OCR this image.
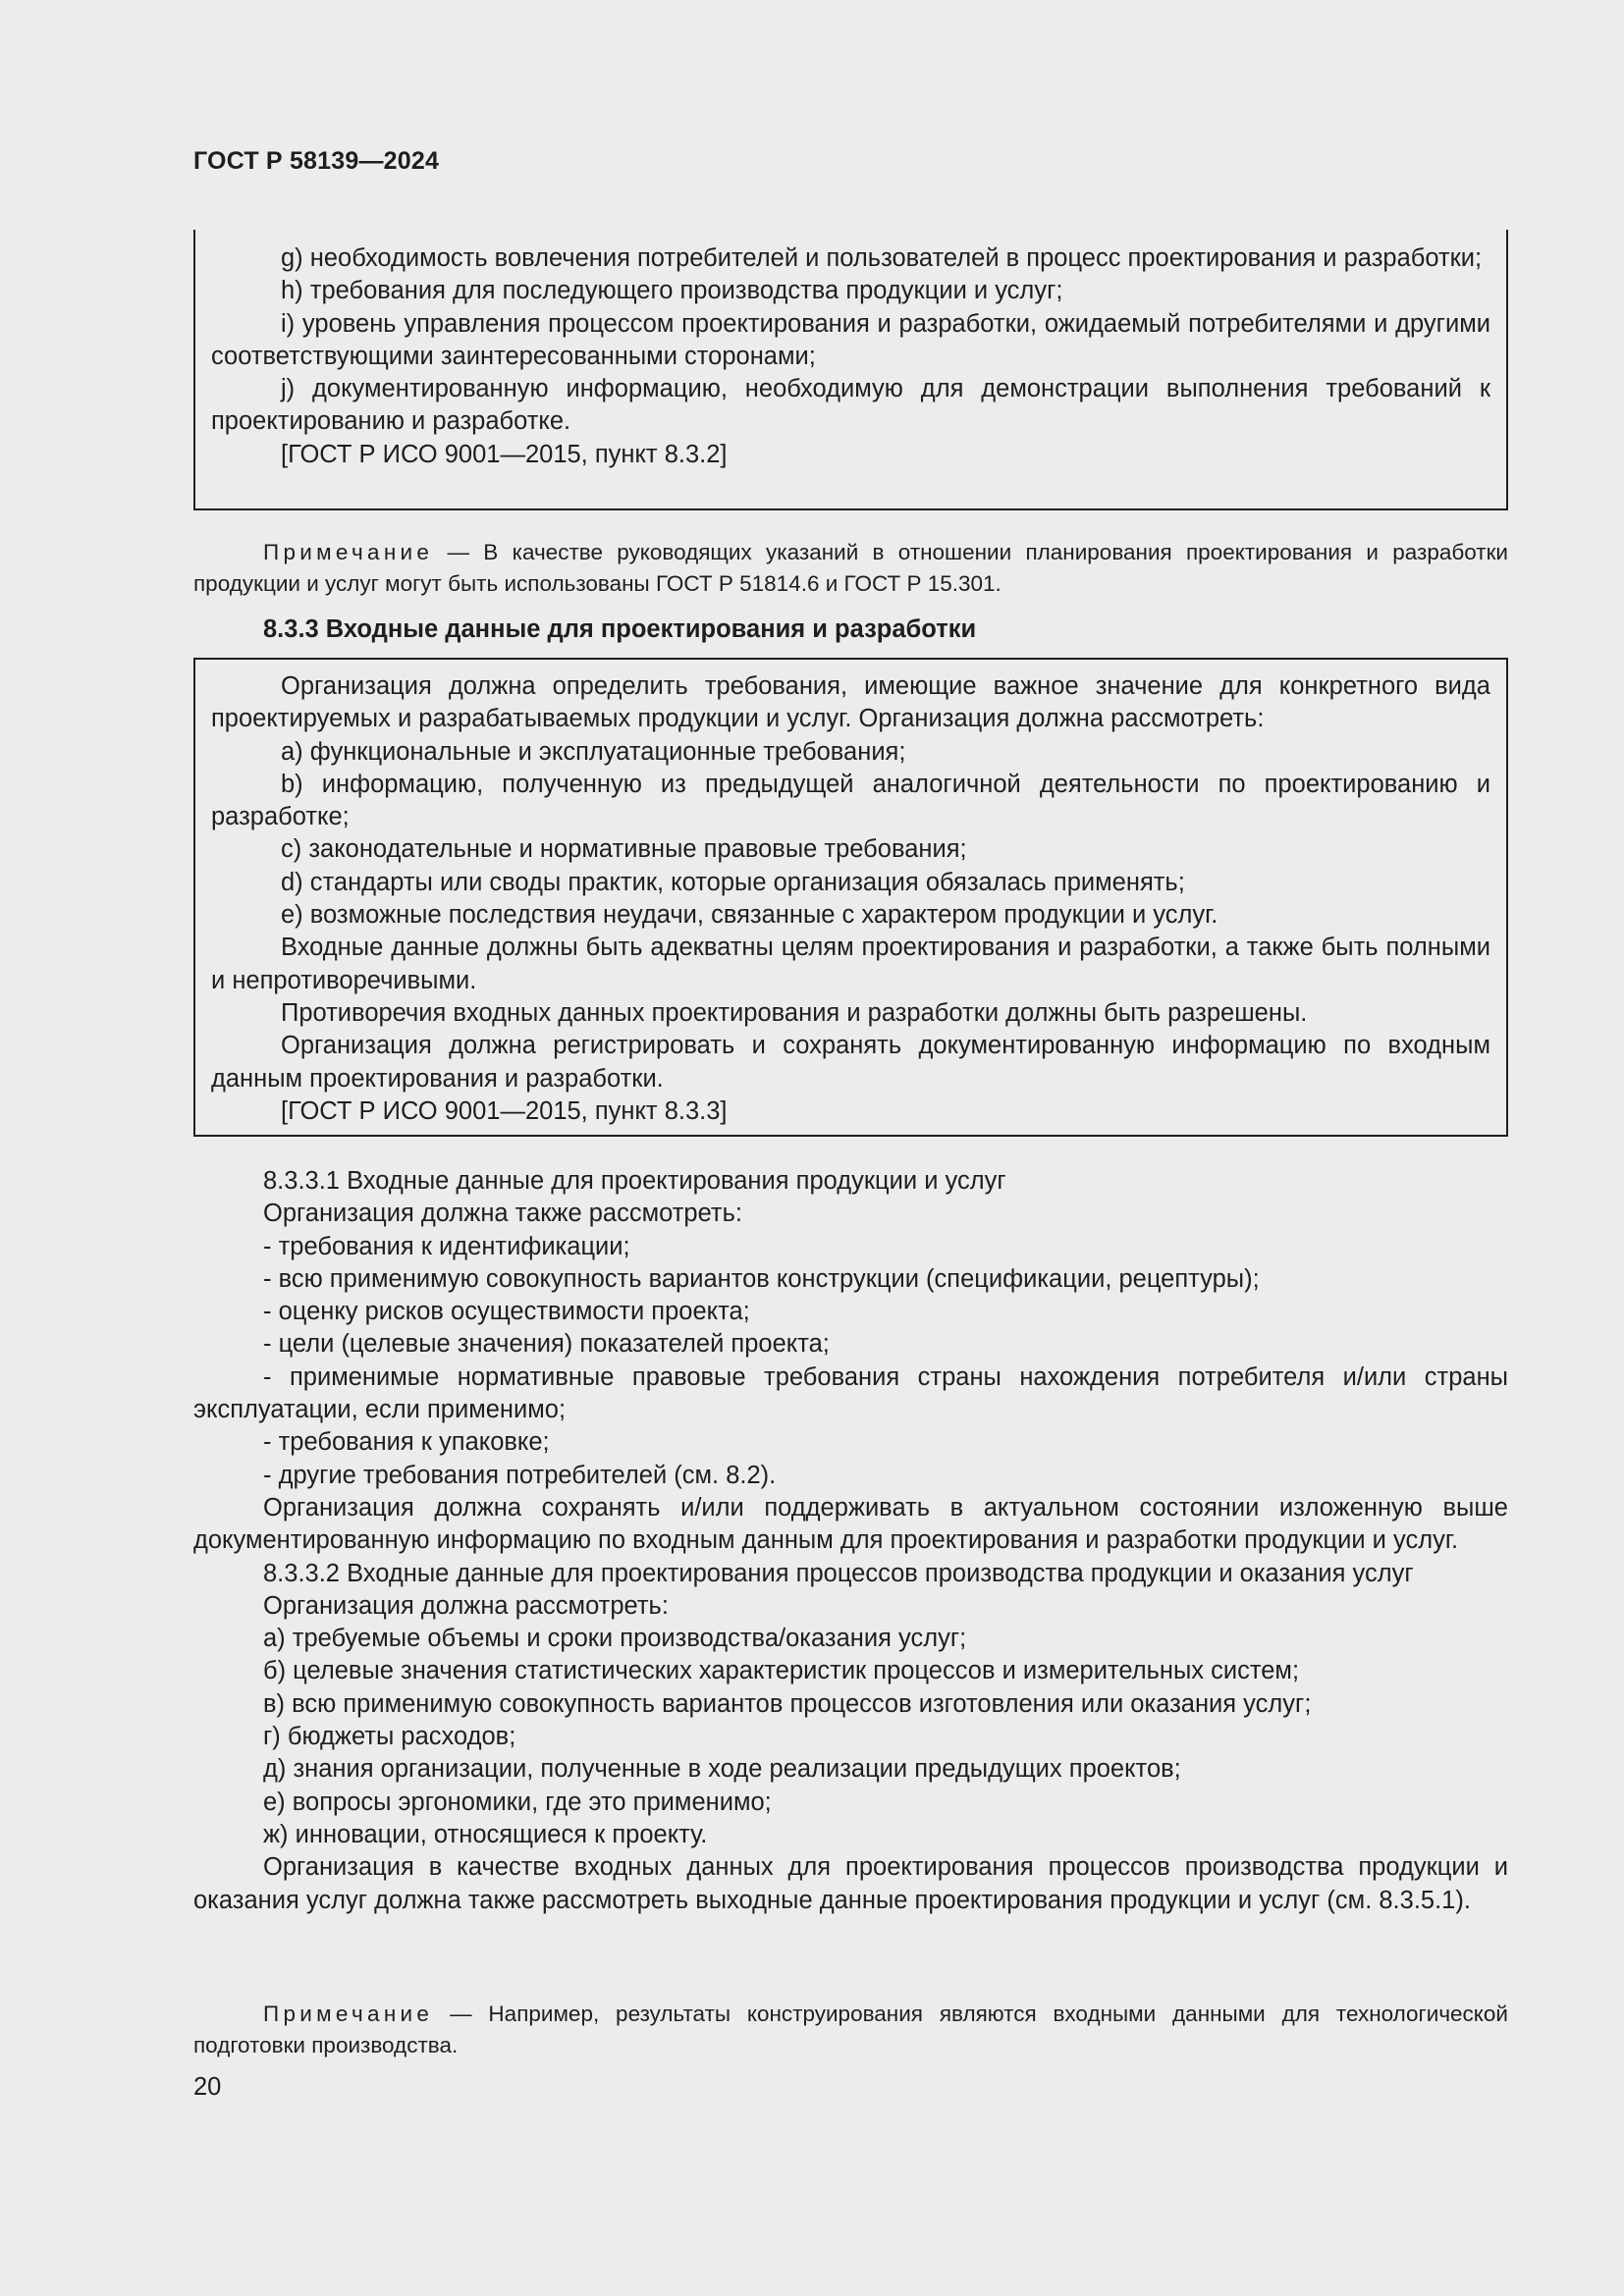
ГОСТ Р 58139—2024

g) необходимость вовлечения потребителей и пользователей в процесс проектирования и разработки;

h) требования для последующего производства продукции и услуг;

i) уровень управления процессом проектирования и разработки, ожидаемый потребителями и другими соответствующими заинтересованными сторонами;

j) документированную информацию, необходимую для демонстрации выполнения требований к проектированию и разработке.

[ГОСТ Р ИСО 9001—2015, пункт 8.3.2]

Примечание — В качестве руководящих указаний в отношении планирования проектирования и разработки продукции и услуг могут быть использованы ГОСТ Р 51814.6 и ГОСТ Р 15.301.

8.3.3 Входные данные для проектирования и разработки

Организация должна определить требования, имеющие важное значение для конкретного вида проектируемых и разрабатываемых продукции и услуг. Организация должна рассмотреть:

a) функциональные и эксплуатационные требования;

b) информацию, полученную из предыдущей аналогичной деятельности по проектированию и разработке;

c) законодательные и нормативные правовые требования;

d) стандарты или своды практик, которые организация обязалась применять;

e) возможные последствия неудачи, связанные с характером продукции и услуг.

Входные данные должны быть адекватны целям проектирования и разработки, а также быть полными и непротиворечивыми.

Противоречия входных данных проектирования и разработки должны быть разрешены.

Организация должна регистрировать и сохранять документированную информацию по входным данным проектирования и разработки.

[ГОСТ Р ИСО 9001—2015, пункт 8.3.3]

8.3.3.1 Входные данные для проектирования продукции и услуг

Организация должна также рассмотреть:

- требования к идентификации;

- всю применимую совокупность вариантов конструкции (спецификации, рецептуры);

- оценку рисков осуществимости проекта;

- цели (целевые значения) показателей проекта;

- применимые нормативные правовые требования страны нахождения потребителя и/или страны эксплуатации, если применимо;

- требования к упаковке;

- другие требования потребителей (см. 8.2).

Организация должна сохранять и/или поддерживать в актуальном состоянии изложенную выше документированную информацию по входным данным для проектирования и разработки продукции и услуг.

8.3.3.2 Входные данные для проектирования процессов производства продукции и оказания услуг

Организация должна рассмотреть:

а) требуемые объемы и сроки производства/оказания услуг;

б) целевые значения статистических характеристик процессов и измерительных систем;

в) всю применимую совокупность вариантов процессов изготовления или оказания услуг;

г) бюджеты расходов;

д) знания организации, полученные в ходе реализации предыдущих проектов;

е) вопросы эргономики, где это применимо;

ж) инновации, относящиеся к проекту.

Организация в качестве входных данных для проектирования процессов производства продукции и оказания услуг должна также рассмотреть выходные данные проектирования продукции и услуг (см. 8.3.5.1).

Примечание — Например, результаты конструирования являются входными данными для технологической подготовки производства.

20
